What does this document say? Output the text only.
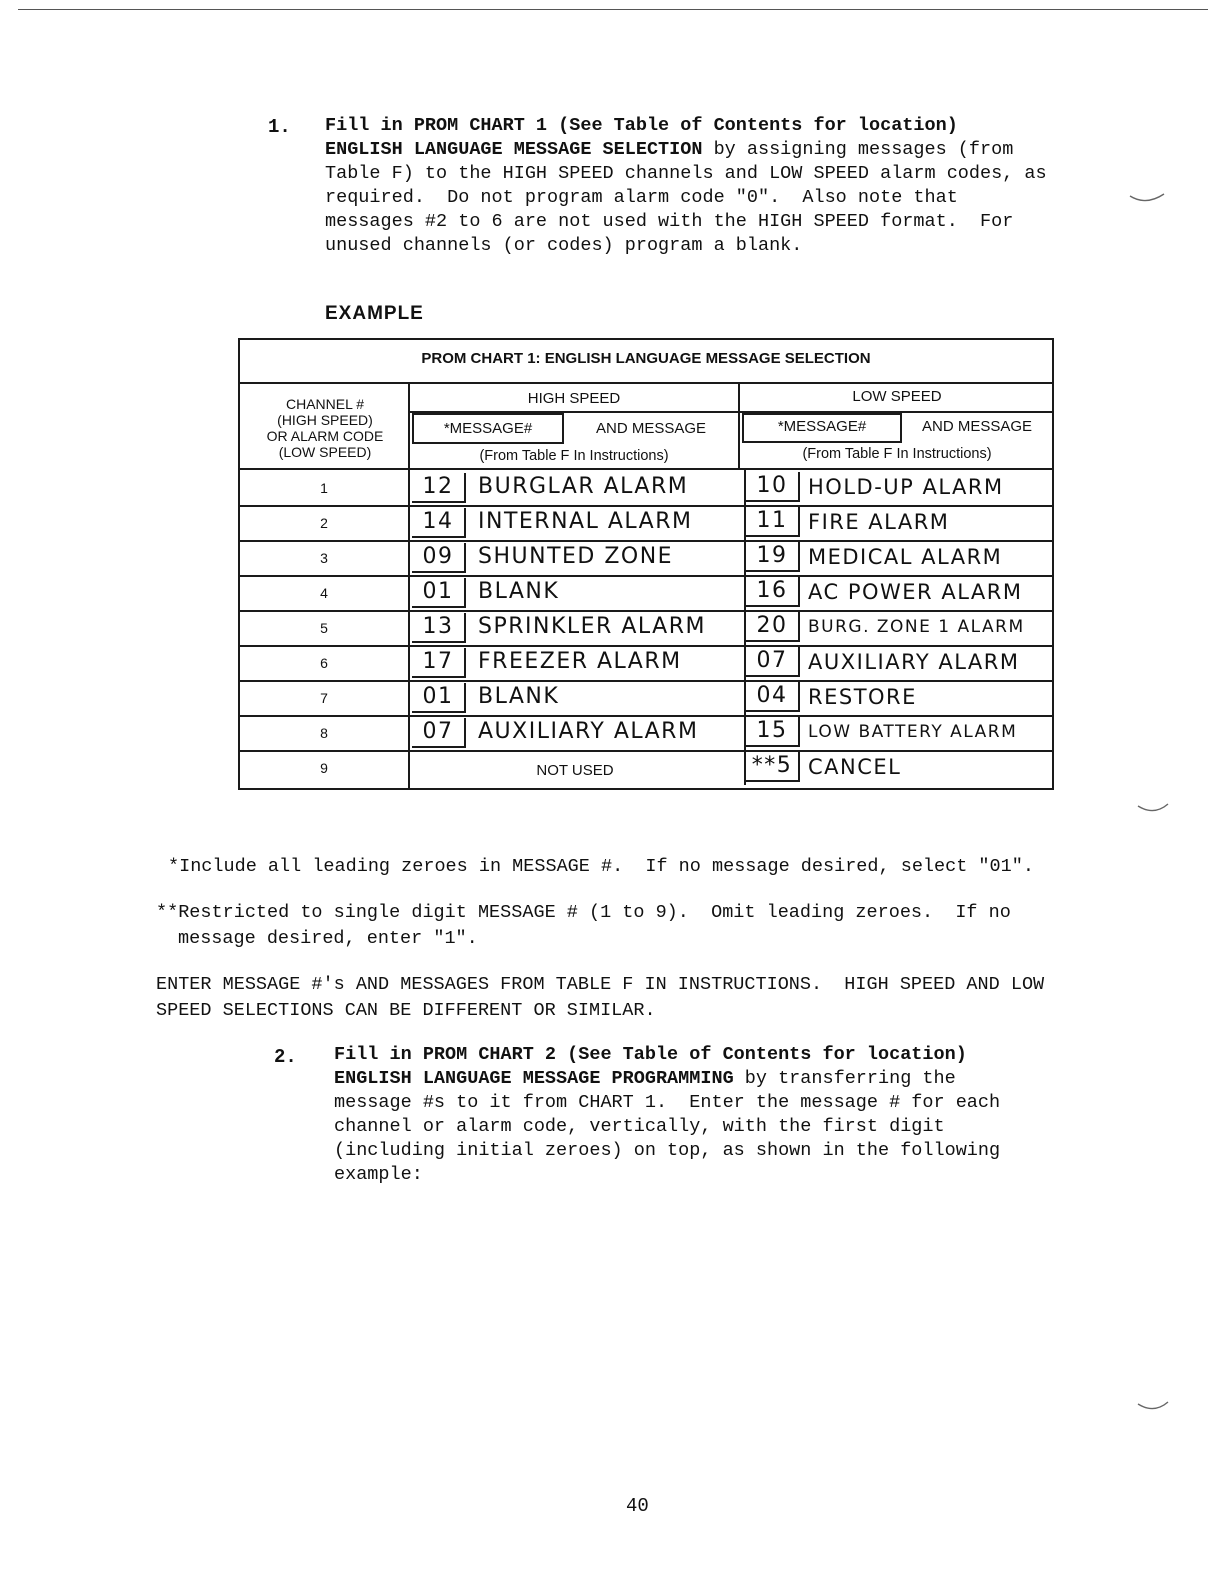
1. Fill in PROM CHART 1 (See Table of Contents for location)
ENGLISH LANGUAGE MESSAGE SELECTION by assigning messages (from
Table F) to the HIGH SPEED channels and LOW SPEED alarm codes, as
required.  Do not program alarm code "0".  Also note that
messages #2 to 6 are not used with the HIGH SPEED format.  For
unused channels (or codes) program a blank.
EXAMPLE
PROM CHART 1: ENGLISH LANGUAGE MESSAGE SELECTION
CHANNEL #
(HIGH SPEED)
OR ALARM CODE
(LOW SPEED)
HIGH SPEED	LOW SPEED
*MESSAGE#	AND MESSAGE	*MESSAGE#	AND MESSAGE
(From Table F In Instructions)	(From Table F In Instructions)
1	12	BURGLAR ALARM	10 HOLD-UP ALARM
2	14	INTERNAL ALARM	11 FIRE ALARM
3	09	SHUNTED ZONE	19 MEDICAL ALARM
4	01	BLANK	16 AC POWER ALARM
5	13	SPRINKLER ALARM	20	BURG. ZONE 1 ALARM
6	17	FREEZER ALARM	07 AUXILIARY ALARM
7	01	BLANK	04 RESTORE
8	07	AUXILIARY ALARM	15	LOW BATTERY ALARM
9	NOT USED	**5 CANCEL
*Include all leading zeroes in MESSAGE #.  If no message desired, select "01".
**Restricted to single digit MESSAGE # (1 to 9).  Omit leading zeroes.  If no
message desired, enter "1".
ENTER MESSAGE #'s AND MESSAGES FROM TABLE F IN INSTRUCTIONS.  HIGH SPEED AND LOW
SPEED SELECTIONS CAN BE DIFFERENT OR SIMILAR.
2. Fill in PROM CHART 2 (See Table of Contents for location)
ENGLISH LANGUAGE MESSAGE PROGRAMMING by transferring the
message #s to it from CHART 1.  Enter the message # for each
channel or alarm code, vertically, with the first digit
(including initial zeroes) on top, as shown in the following
example:
40
